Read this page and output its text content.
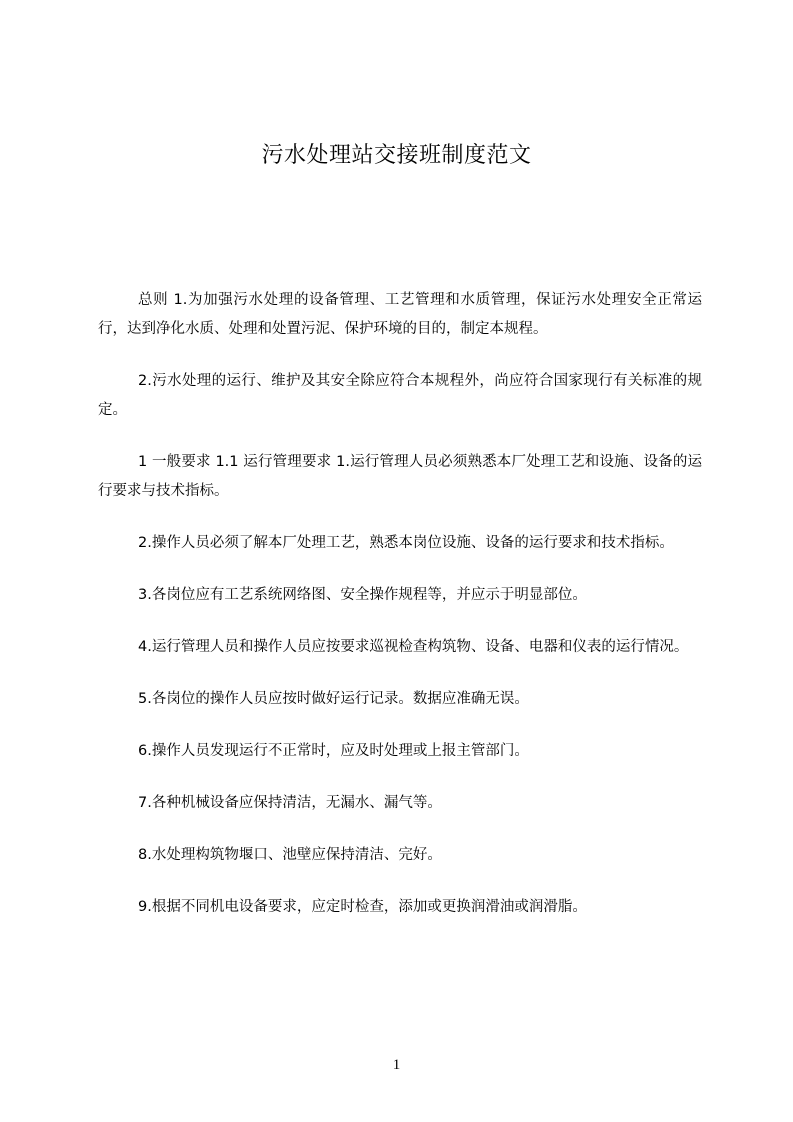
污水处理站交接班制度范文

总则 1.为加强污水处理的设备管理、工艺管理和水质管理，保证污水处理安全正常运行，达到净化水质、处理和处置污泥、保护环境的目的，制定本规程。

2.污水处理的运行、维护及其安全除应符合本规程外，尚应符合国家现行有关标准的规定。

1 一般要求 1.1 运行管理要求 1.运行管理人员必须熟悉本厂处理工艺和设施、设备的运行要求与技术指标。

2.操作人员必须了解本厂处理工艺，熟悉本岗位设施、设备的运行要求和技术指标。

3.各岗位应有工艺系统网络图、安全操作规程等，并应示于明显部位。

4.运行管理人员和操作人员应按要求巡视检查构筑物、设备、电器和仪表的运行情况。

5.各岗位的操作人员应按时做好运行记录。数据应准确无误。

6.操作人员发现运行不正常时，应及时处理或上报主管部门。

7.各种机械设备应保持清洁，无漏水、漏气等。

8.水处理构筑物堰口、池壁应保持清洁、完好。

9.根据不同机电设备要求，应定时检查，添加或更换润滑油或润滑脂。

1
